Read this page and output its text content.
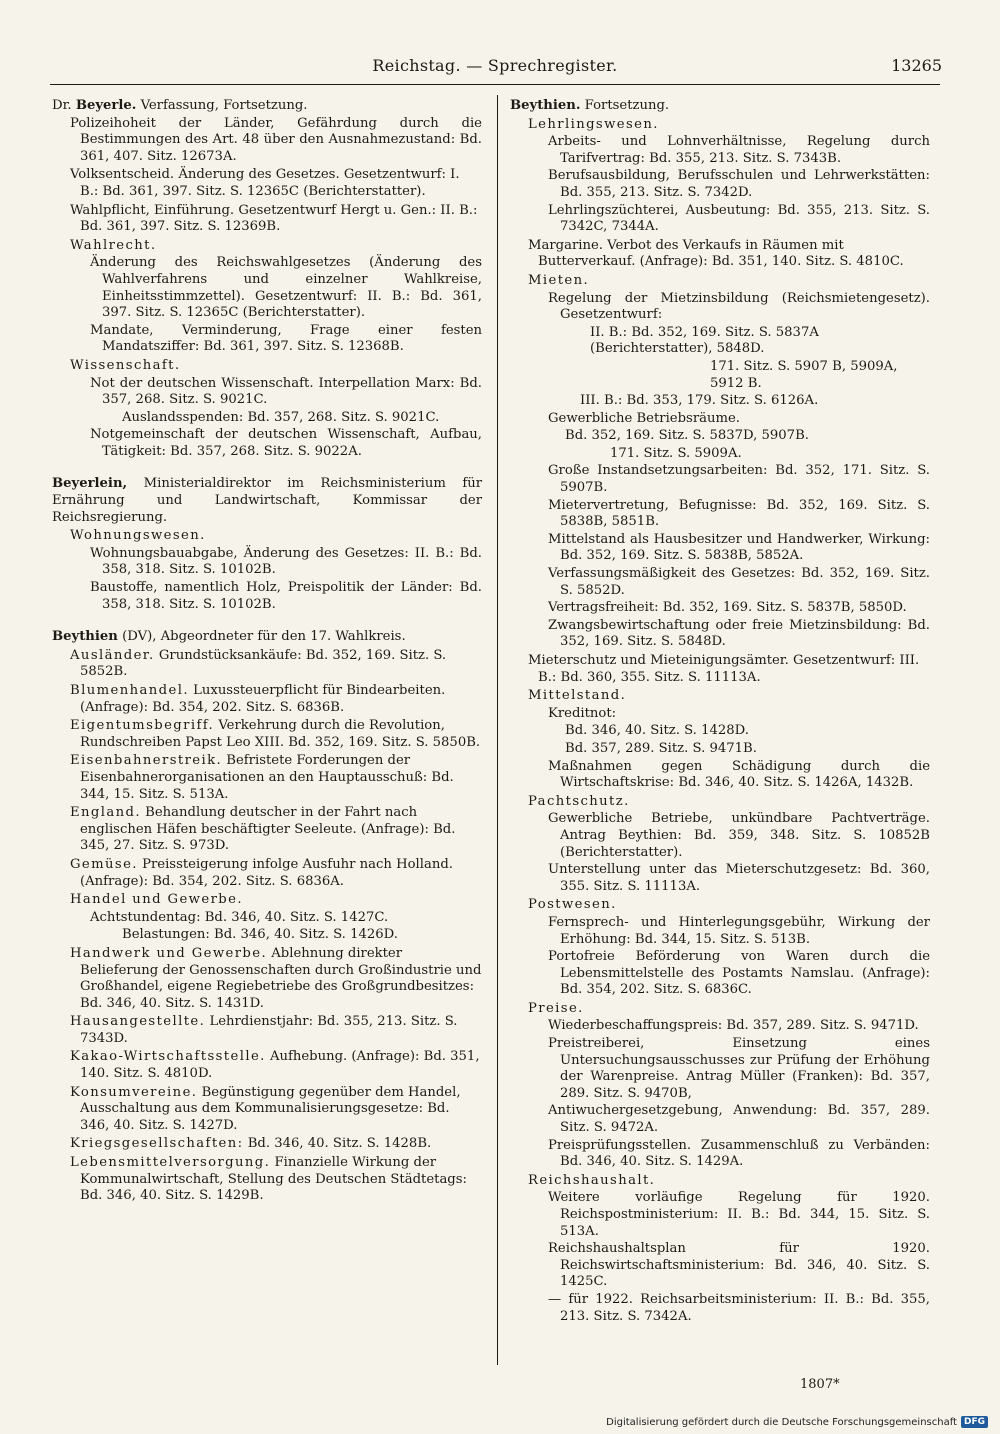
Reichstag. — Sprechregister.	13265

Dr. Beyerle. Verfassung, Fortsetzung.

Polizeihoheit der Länder, Gefährdung durch die Bestimmungen des Art. 48 über den Ausnahmezustand: Bd. 361, 407. Sitz. 12673A.

Volksentscheid. Änderung des Gesetzes. Gesetzentwurf: I. B.: Bd. 361, 397. Sitz. S. 12365C (Berichterstatter).

Wahlpflicht, Einführung. Gesetzentwurf Hergt u. Gen.: II. B.: Bd. 361, 397. Sitz. S. 12369B.

Wahlrecht.

Änderung des Reichswahlgesetzes (Änderung des Wahlverfahrens und einzelner Wahlkreise, Einheitsstimmzettel). Gesetzentwurf: II. B.: Bd. 361, 397. Sitz. S. 12365C (Berichterstatter).

Mandate, Verminderung, Frage einer festen Mandatsziffer: Bd. 361, 397. Sitz. S. 12368B.

Wissenschaft.

Not der deutschen Wissenschaft. Interpellation Marx: Bd. 357, 268. Sitz. S. 9021C.

Auslandsspenden: Bd. 357, 268. Sitz. S. 9021C.

Notgemeinschaft der deutschen Wissenschaft, Aufbau, Tätigkeit: Bd. 357, 268. Sitz. S. 9022A.

Beyerlein, Ministerialdirektor im Reichsministerium für Ernährung und Landwirtschaft, Kommissar der Reichsregierung.

Wohnungswesen.

Wohnungsbauabgabe, Änderung des Gesetzes: II. B.: Bd. 358, 318. Sitz. S. 10102B.

Baustoffe, namentlich Holz, Preispolitik der Länder: Bd. 358, 318. Sitz. S. 10102B.

Beythien (DV), Abgeordneter für den 17. Wahlkreis.

Ausländer. Grundstücksankäufe: Bd. 352, 169. Sitz. S. 5852B.

Blumenhandel. Luxussteuerpflicht für Bindearbeiten. (Anfrage): Bd. 354, 202. Sitz. S. 6836B.

Eigentumsbegriff. Verkehrung durch die Revolution, Rundschreiben Papst Leo XIII. Bd. 352, 169. Sitz. S. 5850B.

Eisenbahnerstreik. Befristete Forderungen der Eisenbahnerorganisationen an den Hauptausschuß: Bd. 344, 15. Sitz. S. 513A.

England. Behandlung deutscher in der Fahrt nach englischen Häfen beschäftigter Seeleute. (Anfrage): Bd. 345, 27. Sitz. S. 973D.

Gemüse. Preissteigerung infolge Ausfuhr nach Holland. (Anfrage): Bd. 354, 202. Sitz. S. 6836A.

Handel und Gewerbe.

Achtstundentag: Bd. 346, 40. Sitz. S. 1427C.

Belastungen: Bd. 346, 40. Sitz. S. 1426D.

Handwerk und Gewerbe. Ablehnung direkter Belieferung der Genossenschaften durch Großindustrie und Großhandel, eigene Regiebetriebe des Großgrundbesitzes: Bd. 346, 40. Sitz. S. 1431D.

Hausangestellte. Lehrdienstjahr: Bd. 355, 213. Sitz. S. 7343D.

Kakao-Wirtschaftsstelle. Aufhebung. (Anfrage): Bd. 351, 140. Sitz. S. 4810D.

Konsumvereine. Begünstigung gegenüber dem Handel, Ausschaltung aus dem Kommunalisierungsgesetze: Bd. 346, 40. Sitz. S. 1427D.

Kriegsgesellschaften: Bd. 346, 40. Sitz. S. 1428B.

Lebensmittelversorgung. Finanzielle Wirkung der Kommunalwirtschaft, Stellung des Deutschen Städtetags: Bd. 346, 40. Sitz. S. 1429B.

Beythien. Fortsetzung.

Lehrlingswesen.

Arbeits- und Lohnverhältnisse, Regelung durch Tarifvertrag: Bd. 355, 213. Sitz. S. 7343B.

Berufsausbildung, Berufsschulen und Lehrwerkstätten: Bd. 355, 213. Sitz. S. 7342D.

Lehrlingszüchterei, Ausbeutung: Bd. 355, 213. Sitz. S. 7342C, 7344A.

Margarine. Verbot des Verkaufs in Räumen mit Butterverkauf. (Anfrage): Bd. 351, 140. Sitz. S. 4810C.

Mieten.

Regelung der Mietzinsbildung (Reichsmietengesetz). Gesetzentwurf:

II. B.: Bd. 352, 169. Sitz. S. 5837A (Berichterstatter), 5848D.

171. Sitz. S. 5907 B, 5909A, 5912 B.

III. B.: Bd. 353, 179. Sitz. S. 6126A.

Gewerbliche Betriebsräume.

Bd. 352, 169. Sitz. S. 5837D, 5907B.

171. Sitz. S. 5909A.

Große Instandsetzungsarbeiten: Bd. 352, 171. Sitz. S. 5907B.

Mietervertretung, Befugnisse: Bd. 352, 169. Sitz. S. 5838B, 5851B.

Mittelstand als Hausbesitzer und Handwerker, Wirkung: Bd. 352, 169. Sitz. S. 5838B, 5852A.

Verfassungsmäßigkeit des Gesetzes: Bd. 352, 169. Sitz. S. 5852D.

Vertragsfreiheit: Bd. 352, 169. Sitz. S. 5837B, 5850D.

Zwangsbewirtschaftung oder freie Mietzinsbildung: Bd. 352, 169. Sitz. S. 5848D.

Mieterschutz und Mieteinigungsämter. Gesetzentwurf: III. B.: Bd. 360, 355. Sitz. S. 11113A.

Mittelstand.

Kreditnot:

Bd. 346, 40. Sitz. S. 1428D.

Bd. 357, 289. Sitz. S. 9471B.

Maßnahmen gegen Schädigung durch die Wirtschaftskrise: Bd. 346, 40. Sitz. S. 1426A, 1432B.

Pachtschutz.

Gewerbliche Betriebe, unkündbare Pachtverträge. Antrag Beythien: Bd. 359, 348. Sitz. S. 10852B (Berichterstatter).

Unterstellung unter das Mieterschutzgesetz: Bd. 360, 355. Sitz. S. 11113A.

Postwesen.

Fernsprech- und Hinterlegungsgebühr, Wirkung der Erhöhung: Bd. 344, 15. Sitz. S. 513B.

Portofreie Beförderung von Waren durch die Lebensmittelstelle des Postamts Namslau. (Anfrage): Bd. 354, 202. Sitz. S. 6836C.

Preise.

Wiederbeschaffungspreis: Bd. 357, 289. Sitz. S. 9471D.

Preistreiberei, Einsetzung eines Untersuchungsausschusses zur Prüfung der Erhöhung der Warenpreise. Antrag Müller (Franken): Bd. 357, 289. Sitz. S. 9470B,

Antiwuchergesetzgebung, Anwendung: Bd. 357, 289. Sitz. S. 9472A.

Preisprüfungsstellen. Zusammenschluß zu Verbänden: Bd. 346, 40. Sitz. S. 1429A.

Reichshaushalt.

Weitere vorläufige Regelung für 1920. Reichspostministerium: II. B.: Bd. 344, 15. Sitz. S. 513A.

Reichshaushaltsplan für 1920. Reichswirtschaftsministerium: Bd. 346, 40. Sitz. S. 1425C.

— für 1922. Reichsarbeitsministerium: II. B.: Bd. 355, 213. Sitz. S. 7342A.

1807*
Digitalisierung gefördert durch die Deutsche Forschungsgemeinschaft DFG
